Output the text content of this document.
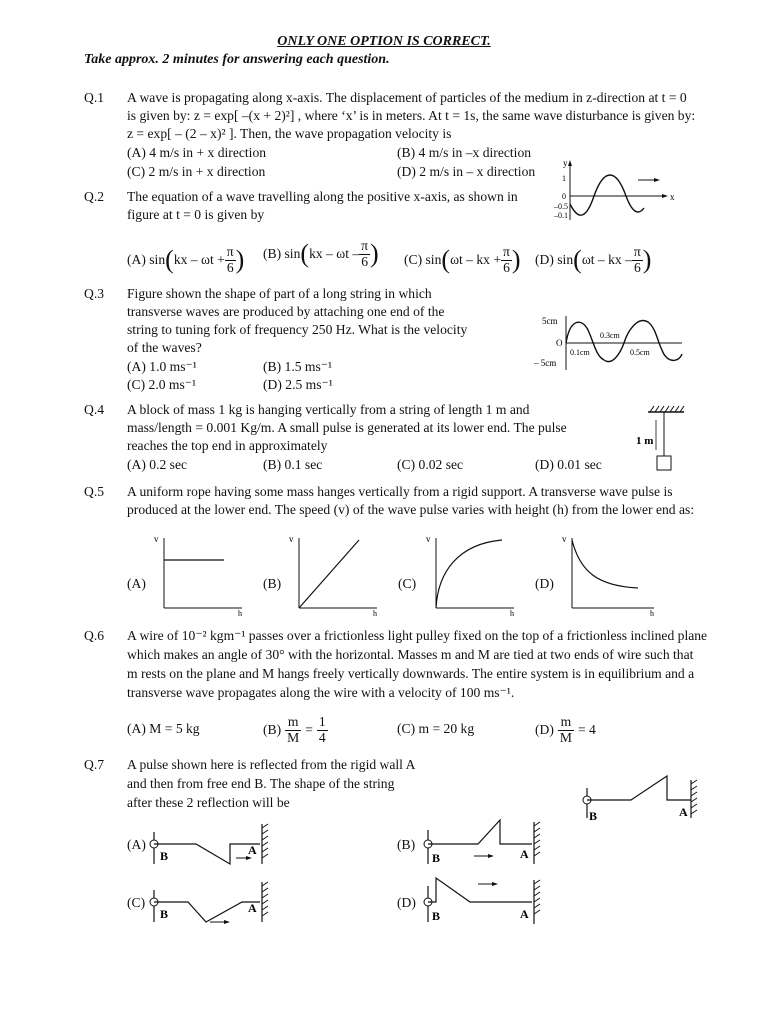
ONLY ONE OPTION IS CORRECT.
Take approx. 2 minutes for answering each question.
Q.1 A wave is propagating along x-axis. The displacement of particles of the medium in z-direction at t = 0
is given by: z = exp[ –(x + 2)²] , where ‘x’ is in meters. At t = 1s, the same wave disturbance is given by:
z = exp[ – (2 – x)² ]. Then, the wave propagation velocity is
(A) 4 m/s in + x direction	(B) 4 m/s in –x direction
(C) 2 m/s in + x direction	(D) 2 m/s in – x direction
Q.2 The equation of a wave travelling along the positive x-axis, as shown in
figure at t = 0 is given by
y
x
1
0
–0.5
–0.1
(A) sin ( kx – $\omega t + \frac{\pi}{6}$ ) (B) sin ( kx – ωt – $\frac{\pi}{6}$ ) (C) sin ( ωt – kx + $\frac{\pi}{6}$ ) (D) sin ( ωt – kx – $\frac{\pi}{6}$ )
Q.3 Figure shown the shape of part of a long string in which
transverse waves are produced by attaching one end of the
string to tuning fork of frequency 250 Hz. What is the velocity
of the waves?
(A) 1.0 ms⁻¹	(B) 1.5 ms⁻¹
(C) 2.0 ms⁻¹	(D) 2.5 ms⁻¹
5cm
O
– 5cm
0.3cm
0.1cm	0.5cm
Q.4 A block of mass 1 kg is hanging vertically from a string of length 1 m and
mass/length = 0.001 Kg/m. A small pulse is generated at its lower end. The pulse
reaches the top end in approximately
(A) 0.2 sec	(B) 0.1 sec	(C) 0.02 sec	(D) 0.01 sec
1 m
Q.5 A uniform rope having some mass hanges vertically from a rigid support. A transverse wave pulse is
produced at the lower end. The speed (v) of the wave pulse varies with height (h) from the lower end as:
(A)
v
h
(B)
v
h
(C)
v
h
(D)
v
h
Q.6 A wire of 10⁻² kgm⁻¹ passes over a frictionless light pulley fixed on the top of a frictionless inclined plane
which makes an angle of 30° with the horizontal. Masses m and M are tied at two ends of wire such that
m rests on the plane and M hangs freely vertically downwards. The entire system is in equilibrium and a
transverse wave propagates along the wire with a velocity of 100 ms⁻¹.
(A) M = 5 kg	$(B) \frac{m}{M} = \frac{1}{4}$	(C) m = 20 kg	$(D) \frac{m}{M} = 4$
Q.7 A pulse shown here is reflected from the rigid wall A
and then from free end B. The shape of the string
after these 2 reflection will be
B	A
(A)
B	A	(B)
B	A
(C)
B	A	(D)
B	A
